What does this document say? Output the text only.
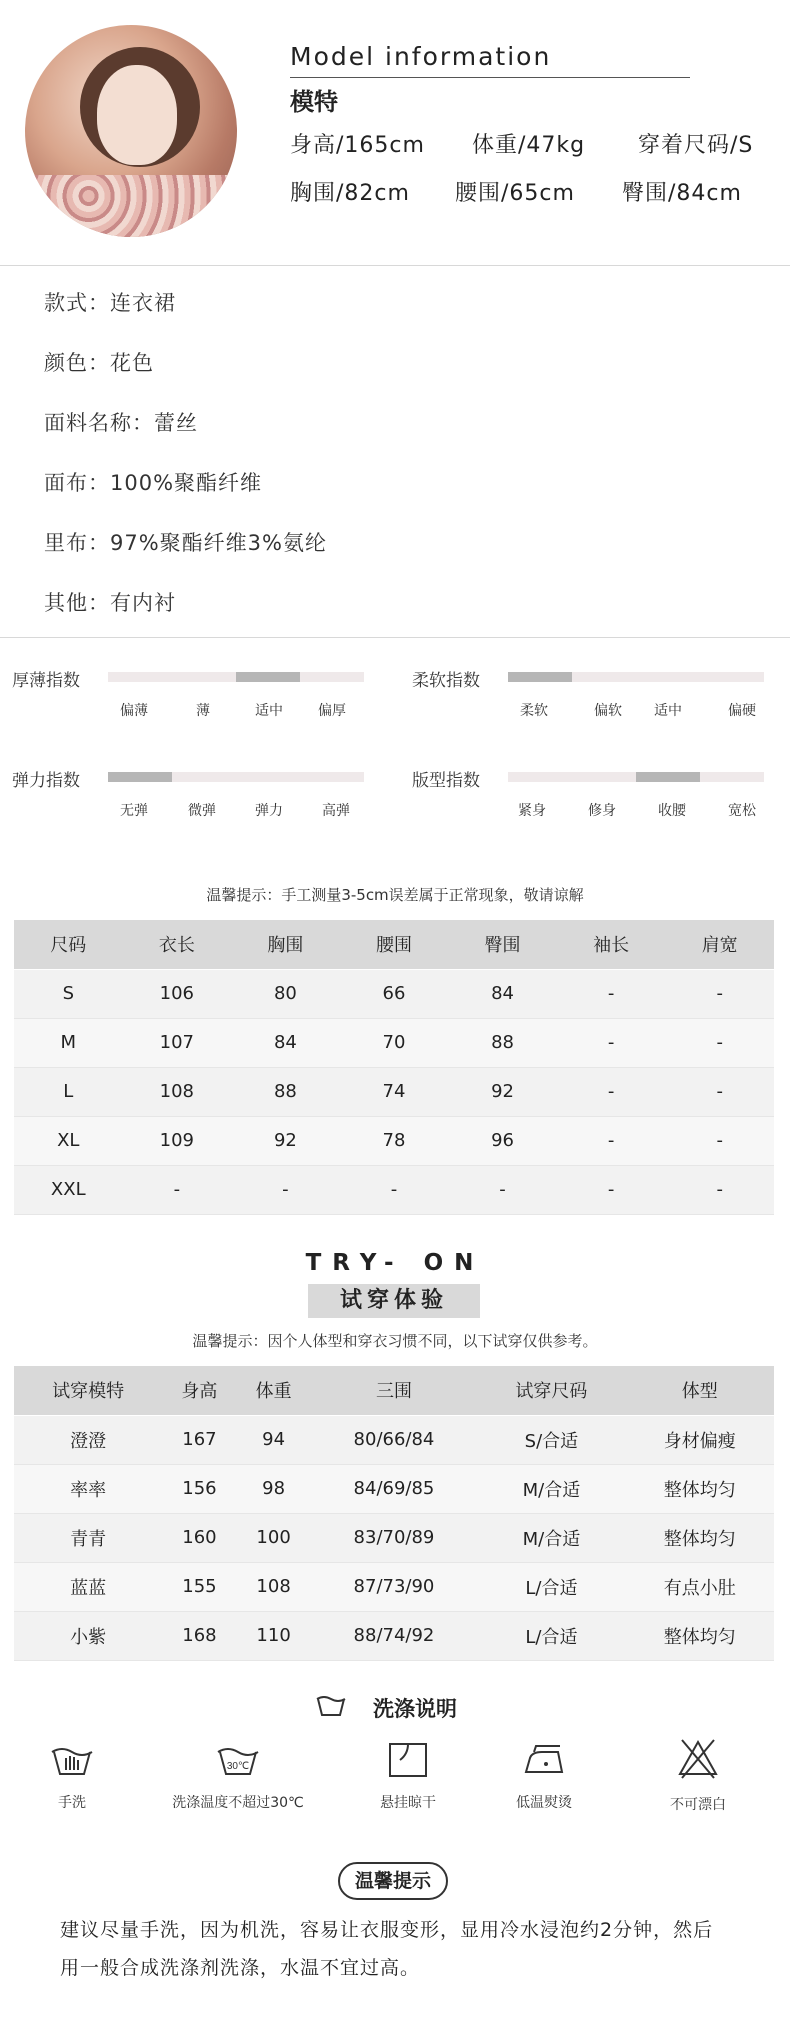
Model information
模特
身高/165cm 体重/47kg 穿着尺码/S
胸围/82cm 腰围/65cm 臀围/84cm
款式：连衣裙
颜色：花色
面料名称：蕾丝
面布：100%聚酯纤维
里布：97%聚酯纤维3%氨纶
其他：有内衬
厚薄指数
偏薄	薄	适中	偏厚
柔软指数
柔软	偏软 适中	偏硬
弹力指数
无弹	微弹	弹力	高弹
版型指数
紧身	修身	收腰	宽松
温馨提示：手工测量3-5cm误差属于正常现象，敬请谅解
尺码	衣长	胸围	腰围	臀围	袖长	肩宽
S	106	80	66	84	-	-
M	107	84	70	88	-	-
L	108	88	74	92	-	-
XL	109	92	78	96	-	-
XXL	-	-	-	-	-	-
TRY- ON
试穿体验
温馨提示：因个人体型和穿衣习惯不同，以下试穿仅供参考。
试穿模特	身高	体重	三围	试穿尺码	体型
澄澄	167	94	80/66/84	S/合适	身材偏瘦
率率	156	98	84/69/85	M/合适	整体均匀
青青	160	100	83/70/89	M/合适	整体均匀
蓝蓝	155	108	87/73/90	L/合适	有点小肚
小紫	168	110	88/74/92	L/合适	整体均匀
洗涤说明
手洗
30℃
洗涤温度不超过30℃	悬挂晾干	低温熨烫	不可漂白
温馨提示
建议尽量手洗，因为机洗，容易让衣服变形，显用冷水浸泡约2分钟，然后
用一般合成洗涤剂洗涤，水温不宜过高。
